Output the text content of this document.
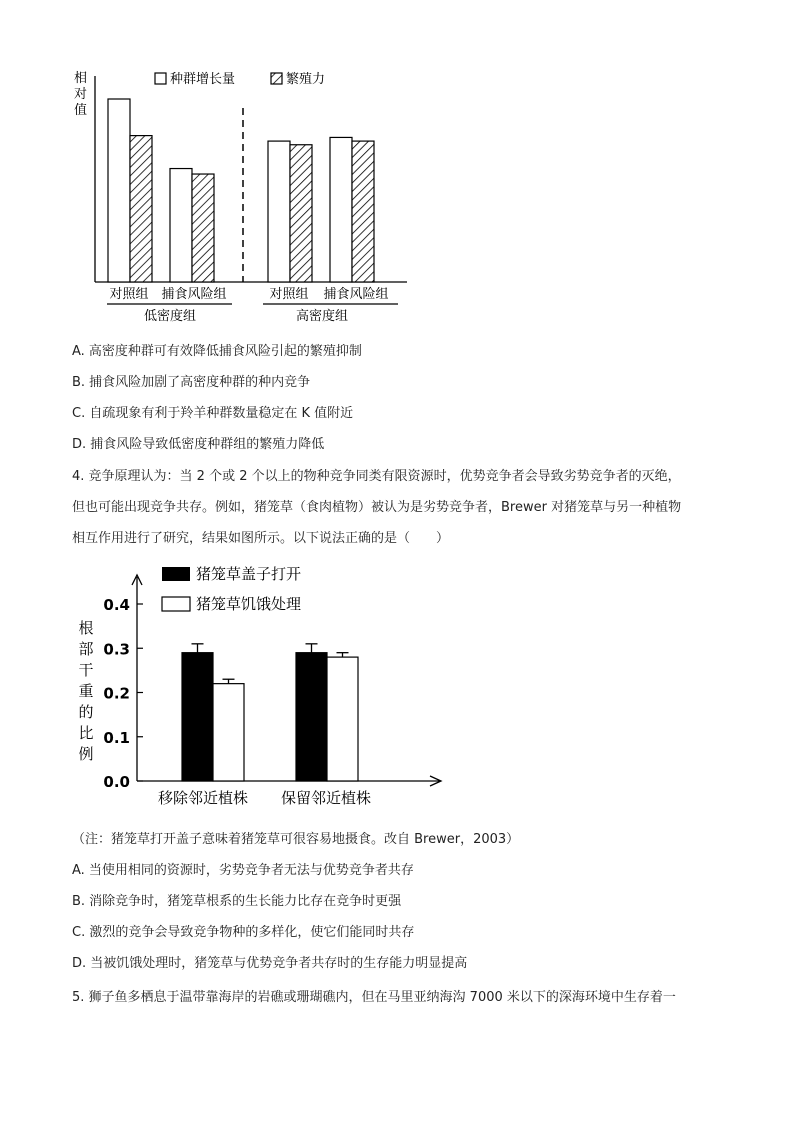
相
对
值
种群增长量	繁殖力
对照组 捕食风险组	对照组 捕食风险组
低密度组	高密度组
A. 高密度种群可有效降低捕食风险引起的繁殖抑制
B. 捕食风险加剧了高密度种群的种内竞争
C. 自疏现象有利于羚羊种群数量稳定在 K 值附近
D. 捕食风险导致低密度种群组的繁殖力降低
4. 竞争原理认为：当 2 个或 2 个以上的物种竞争同类有限资源时，优势竞争者会导致劣势竞争者的灭绝，
但也可能出现竞争共存。例如，猪笼草（食肉植物）被认为是劣势竞争者，Brewer 对猪笼草与另一种植物
相互作用进行了研究，结果如图所示。以下说法正确的是（　　）
猪笼草盖子打开
猪笼草饥饿处理
根
部
干
重
的
比
例
0.0
0.1
0.2
0.3
0.4
移除邻近植株 保留邻近植株
（注：猪笼草打开盖子意味着猪笼草可很容易地摄食。改自 Brewer，2003）
A. 当使用相同的资源时，劣势竞争者无法与优势竞争者共存
B. 消除竞争时，猪笼草根系的生长能力比存在竞争时更强
C. 激烈的竞争会导致竞争物种的多样化，使它们能同时共存
D. 当被饥饿处理时，猪笼草与优势竞争者共存时的生存能力明显提高
5. 狮子鱼多栖息于温带靠海岸的岩礁或珊瑚礁内，但在马里亚纳海沟 7000 米以下的深海环境中生存着一
